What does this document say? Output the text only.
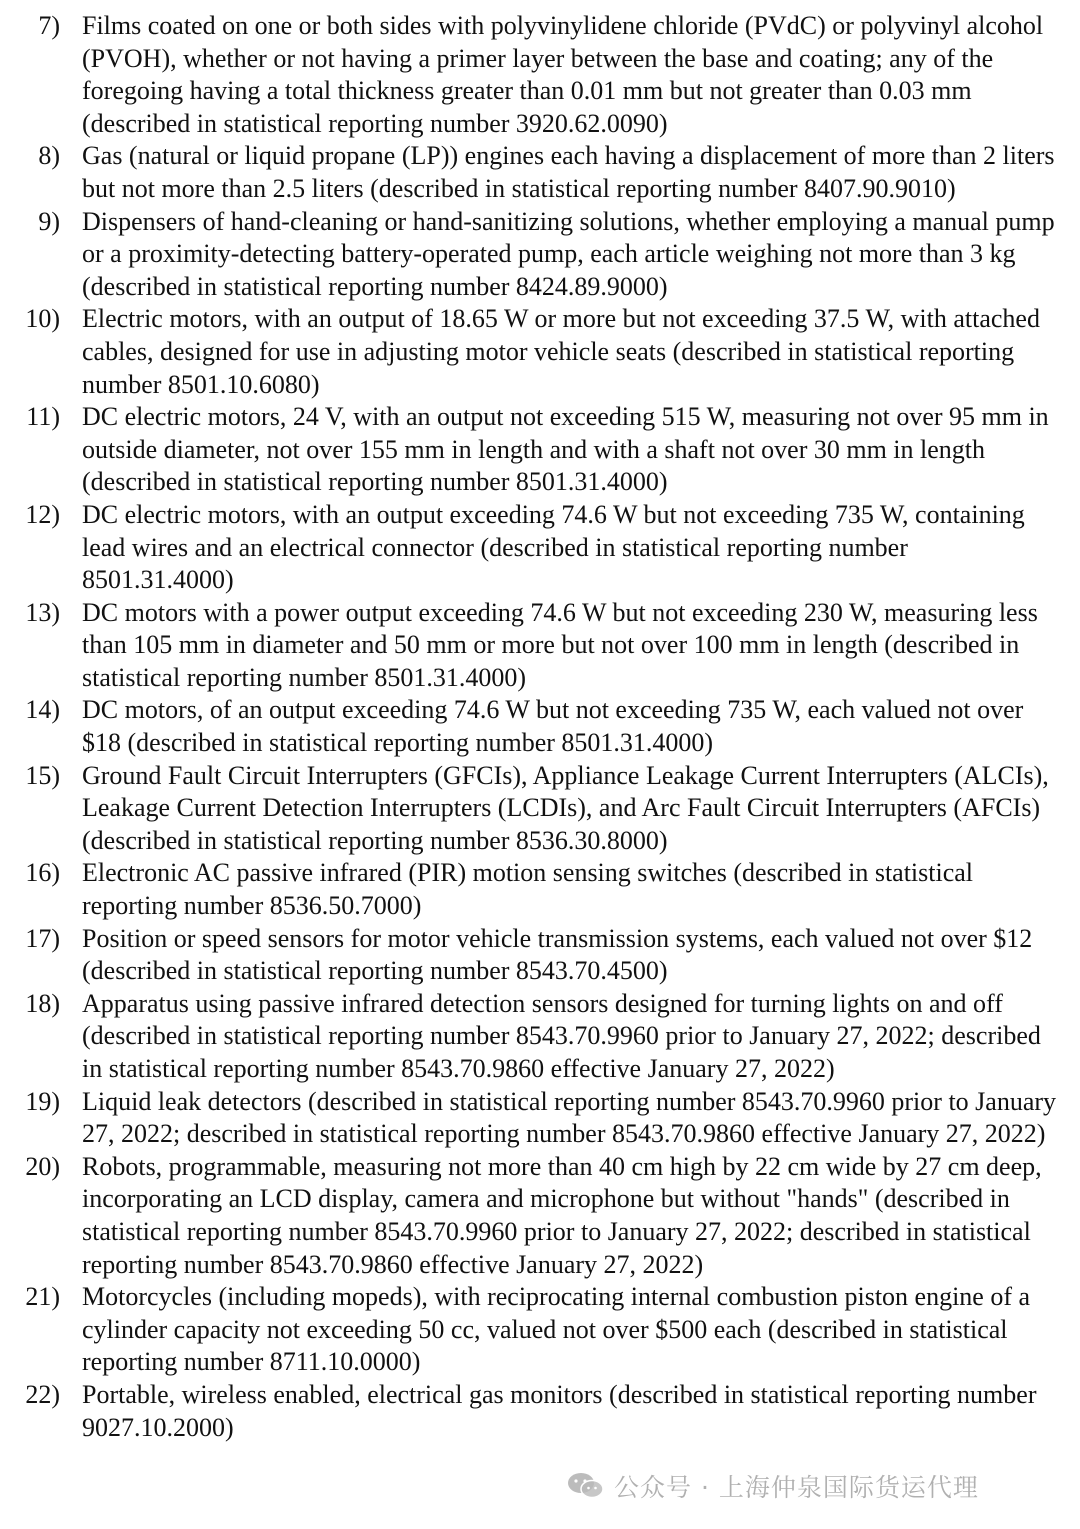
7) Films coated on one or both sides with polyvinylidene chloride (PVdC) or polyvinyl alcohol (PVOH), whether or not having a primer layer between the base and coating; any of the foregoing having a total thickness greater than 0.01 mm but not greater than 0.03 mm (described in statistical reporting number 3920.62.0090)

8) Gas (natural or liquid propane (LP)) engines each having a displacement of more than 2 liters but not more than 2.5 liters (described in statistical reporting number 8407.90.9010)

9) Dispensers of hand-cleaning or hand-sanitizing solutions, whether employing a manual pump or a proximity-detecting battery-operated pump, each article weighing not more than 3 kg (described in statistical reporting number 8424.89.9000)

10) Electric motors, with an output of 18.65 W or more but not exceeding 37.5 W, with attached cables, designed for use in adjusting motor vehicle seats (described in statistical reporting number 8501.10.6080)

11) DC electric motors, 24 V, with an output not exceeding 515 W, measuring not over 95 mm in outside diameter, not over 155 mm in length and with a shaft not over 30 mm in length (described in statistical reporting number 8501.31.4000)

12) DC electric motors, with an output exceeding 74.6 W but not exceeding 735 W, containing lead wires and an electrical connector (described in statistical reporting number 8501.31.4000)

13) DC motors with a power output exceeding 74.6 W but not exceeding 230 W, measuring less than 105 mm in diameter and 50 mm or more but not over 100 mm in length (described in statistical reporting number 8501.31.4000)

14) DC motors, of an output exceeding 74.6 W but not exceeding 735 W, each valued not over $18 (described in statistical reporting number 8501.31.4000)

15) Ground Fault Circuit Interrupters (GFCIs), Appliance Leakage Current Interrupters (ALCIs), Leakage Current Detection Interrupters (LCDIs), and Arc Fault Circuit Interrupters (AFCIs) (described in statistical reporting number 8536.30.8000)

16) Electronic AC passive infrared (PIR) motion sensing switches (described in statistical reporting number 8536.50.7000)

17) Position or speed sensors for motor vehicle transmission systems, each valued not over $12 (described in statistical reporting number 8543.70.4500)

18) Apparatus using passive infrared detection sensors designed for turning lights on and off (described in statistical reporting number 8543.70.9960 prior to January 27, 2022; described in statistical reporting number 8543.70.9860 effective January 27, 2022)

19) Liquid leak detectors (described in statistical reporting number 8543.70.9960 prior to January 27, 2022; described in statistical reporting number 8543.70.9860 effective January 27, 2022)

20) Robots, programmable, measuring not more than 40 cm high by 22 cm wide by 27 cm deep, incorporating an LCD display, camera and microphone but without "hands" (described in statistical reporting number 8543.70.9960 prior to January 27, 2022; described in statistical reporting number 8543.70.9860 effective January 27, 2022)

21) Motorcycles (including mopeds), with reciprocating internal combustion piston engine of a cylinder capacity not exceeding 50 cc, valued not over $500 each (described in statistical reporting number 8711.10.0000)

22) Portable, wireless enabled, electrical gas monitors (described in statistical reporting number 9027.10.2000)

公众号 · 上海仲泉国际货运代理
